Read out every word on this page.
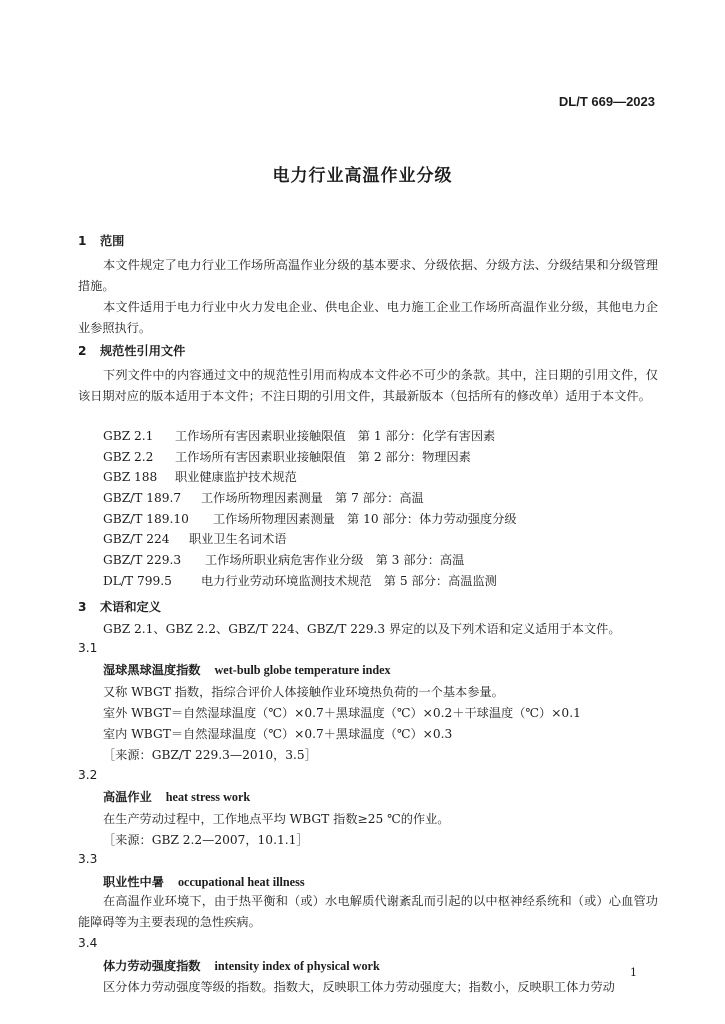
DL/T 669—2023
电力行业高温作业分级
1 范围

本文件规定了电力行业工作场所高温作业分级的基本要求、分级依据、分级方法、分级结果和分级管理措施。

本文件适用于电力行业中火力发电企业、供电企业、电力施工企业工作场所高温作业分级，其他电力企业参照执行。

2 规范性引用文件

下列文件中的内容通过文中的规范性引用而构成本文件必不可少的条款。其中，注日期的引用文件，仅该日期对应的版本适用于本文件；不注日期的引用文件，其最新版本（包括所有的修改单）适用于本文件。

GBZ 2.1 工作场所有害因素职业接触限值　第 1 部分：化学有害因素
GBZ 2.2 工作场所有害因素职业接触限值　第 2 部分：物理因素
GBZ 188 职业健康监护技术规范
GBZ/T 189.7 工作场所物理因素测量　第 7 部分：高温
GBZ/T 189.10 工作场所物理因素测量　第 10 部分：体力劳动强度分级
GBZ/T 224 职业卫生名词术语
GBZ/T 229.3 工作场所职业病危害作业分级　第 3 部分：高温
DL/T 799.5 电力行业劳动环境监测技术规范　第 5 部分：高温监测
3 术语和定义
GBZ 2.1、GBZ 2.2、GBZ/T 224、GBZ/T 229.3 界定的以及下列术语和定义适用于本文件。
3.1
湿球黑球温度指数 wet-bulb globe temperature index
又称 WBGT 指数，指综合评价人体接触作业环境热负荷的一个基本参量。
室外 WBGT＝自然湿球温度（℃）×0.7＋黑球温度（℃）×0.2＋干球温度（℃）×0.1
室内 WBGT＝自然湿球温度（℃）×0.7＋黑球温度（℃）×0.3
［来源：GBZ/T 229.3—2010，3.5］
3.2
高温作业 heat stress work
在生产劳动过程中，工作地点平均 WBGT 指数≥25 ℃的作业。
［来源：GBZ 2.2—2007，10.1.1］
3.3
职业性中暑 occupational heat illness

在高温作业环境下，由于热平衡和（或）水电解质代谢紊乱而引起的以中枢神经系统和（或）心血管功能障碍等为主要表现的急性疾病。

3.4
体力劳动强度指数 intensity index of physical work
区分体力劳动强度等级的指数。指数大，反映职工体力劳动强度大；指数小，反映职工体力劳动
1
